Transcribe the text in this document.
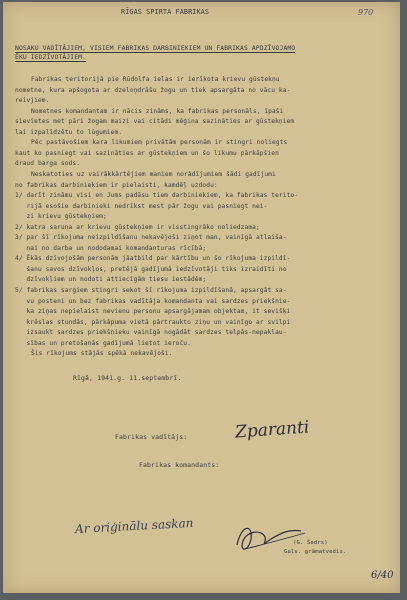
970
RĪGAS SPIRTA FABRIKAS
NOSAKU VADĪTĀJIEM, VISIEM FABRIKAS DARBINIEKIEM UN FABRIKAS APDZĪVOJAMO
ĒKU IEDZĪVOTĀJIEM.
Fabrikas teritorijā pie Rūdolfa ielas ir ierīkota krievu gūstekņu
nometne, kura apšogota ar dzeloņdrāšu žogu un tiek apsargāta no vācu ka-
reivjiem.
Nometnes komandantam ir nācis zināms, ka fabrikas personāls, īpaši
sievietes met pāri žogam maizi vai citādi mēģina sazināties ar gūstekņiem
lai izpalīdzētu to lūgumiem.
Pēc pastāvošiem kara likumiem privātām personām ir stingri noliegts
kaut ko pasniegt vai sazināties ar gūstekņiem un šo likumu pārkāpšien
draud barga sods.
Neskatoties uz vairākkārtējiem maniem norādījumiem šādi gadījumi
no fabrikas darbiniekiem ir pielaisti, kamdēļ uzdodu:
1/ darīt zināmu visi en Jums padāsu tiem darbiniekiem, ka fabrikas terito-
rijā esošie darbinieki nedrīkst mest pār žogu vai pasniegt nei-
zi krievu gūstekņiem;
2/ katra saruna ar krievu gūstekņiem ir visstingrāko noliedzama;
3/ par šī rīkojuma neizpildīšanu nekavējoši ziņot man, vainīgā atlaiša-
nai no darba un nododamai komandanturas rīcībā;
4/ Ēkās dzīvojošām personām jāatbild par kārtību un šo rīkojuma izpildī-
šanu savos dzīvokļos, pretējā gadījumā iedzīvotāji tiks izraidīti no
dzīvokļiem un nodoti attiecīgām tiesu iestādēm;
5/ fabrikas sargiem stingri sekot šī rīkojuma izpildīšanā, apsargāt sa-
vu posteni un bez fabrikas vadītāja komandanta vai sardzes priekšnie-
ka ziņas nepielaist nevienu personu apsargājamam objektam, it sevišķi
krēslas stundās, pārkāpuma vietā pārtraukto ziņu un vainīgo ar svilpi
izsaukt sardzes priekšnieku vainīgā nogādāt sardzes telpās-nepaklau-
sības un pretošanās gadījumā lietot ieroču.
Šis rīkojums stājās spēkā nekavējoši.
Rīgā, 1941.g. 11.septembrī.
Fabrikas vadītājs:	Zparanti
Fabrikas komandants:
Ar oriģinālu saskan
(G. Šedrs)
Galv. grāmatvedis.
6/40
